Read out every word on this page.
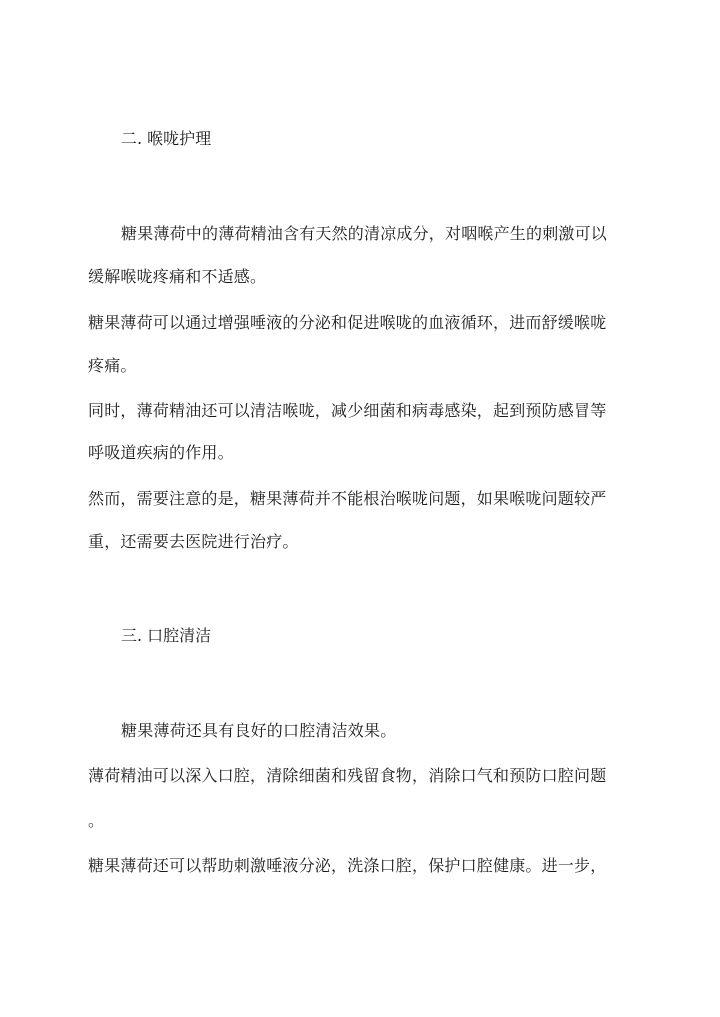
二. 喉咙护理
糖果薄荷中的薄荷精油含有天然的清凉成分，对咽喉产生的刺激可以
缓解喉咙疼痛和不适感。
糖果薄荷可以通过增强唾液的分泌和促进喉咙的血液循环，进而舒缓喉咙
疼痛。
同时，薄荷精油还可以清洁喉咙，减少细菌和病毒感染，起到预防感冒等
呼吸道疾病的作用。
然而，需要注意的是，糖果薄荷并不能根治喉咙问题，如果喉咙问题较严
重，还需要去医院进行治疗。
三. 口腔清洁
糖果薄荷还具有良好的口腔清洁效果。
薄荷精油可以深入口腔，清除细菌和残留食物，消除口气和预防口腔问题
。
糖果薄荷还可以帮助刺激唾液分泌，洗涤口腔，保护口腔健康。进一步，
